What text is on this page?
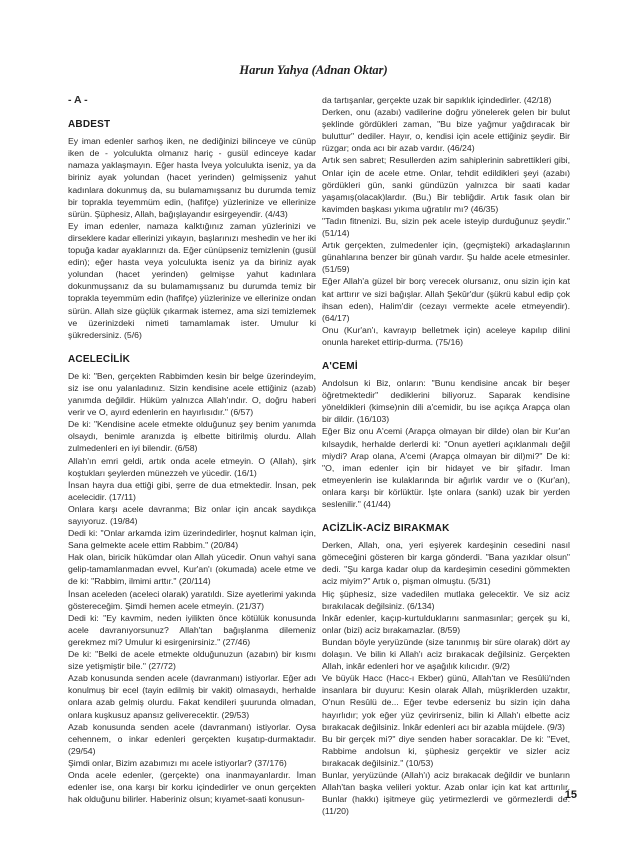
Harun Yahya (Adnan Oktar)
- A -
ABDEST
Ey iman edenler sarhoş iken, ne dediğinizi bilinceye ve cünüp iken de - yolculukta olmanız hariç - gusül edinceye kadar namaza yaklaşmayın. Eğer hasta İveya yolculukta iseniz, ya da biriniz ayak yolundan (hacet yerinden) gelmişseniz yahut kadınlara dokunmuş da, su bulamamışsanız bu durumda temiz bir toprakla teyemmüm edin, (hafifçe) yüzlerinize ve ellerinize sürün. Şüphesiz, Allah, bağışlayandır esirgeyendir. (4/43)
Ey iman edenler, namaza kalktığınız zaman yüzlerinizi ve dirseklere kadar ellerinizi yıkayın, başlarınızı meshedin ve her iki topuğa kadar ayaklarınızı da. Eğer cünüpseniz temizlenin (gusül edin); eğer hasta veya yolculukta iseniz ya da biriniz ayak yolundan (hacet yerinden) gelmişse yahut kadınlara dokunmuşsanız da su bulamamışsanız bu durumda temiz bir toprakla teyemmüm edin (hafifçe) yüzlerinize ve ellerinize ondan sürün. Allah size güçlük çıkarmak istemez, ama sizi temizlemek ve üzerinizdeki nimeti tamamlamak ister. Umulur ki şükredersiniz. (5/6)
ACELECİLİK
De ki: "Ben, gerçekten Rabbimden kesin bir belge üzerindeyim, siz ise onu yalanladınız. Sizin kendisine acele ettiğiniz (azab) yanımda değildir. Hüküm yalnızca Allah'ındır. O, doğru haberi verir ve O, ayırd edenlerin en hayırlısıdır." (6/57)
De ki: "Kendisine acele etmekte olduğunuz şey benim yanımda olsaydı, benimle aranızda iş elbette bitirilmiş olurdu. Allah zulmedenleri en iyi bilendir. (6/58)
Allah'ın emri geldi, artık onda acele etmeyin. O (Allah), şirk koştukları şeylerden münezzeh ve yücedir. (16/1)
İnsan hayra dua ettiği gibi, şerre de dua etmektedir. İnsan, pek acelecidir. (17/11)
Onlara karşı acele davranma; Biz onlar için ancak saydıkça sayıyoruz. (19/84)
Dedi ki: "Onlar arkamda izim üzerindedirler, hoşnut kalman için, Sana gelmekte acele ettim Rabbim." (20/84)
Hak olan, biricik hükümdar olan Allah yücedir. Onun vahyi sana gelip-tamamlanmadan evvel, Kur'an'ı (okumada) acele etme ve de ki: "Rabbim, ilmimi arttır." (20/114)
İnsan aceleden (aceleci olarak) yaratıldı. Size ayetlerimi yakında göstereceğim. Şimdi hemen acele etmeyin. (21/37)
Dedi ki: "Ey kavmim, neden iyilikten önce kötülük konusunda acele davranıyorsunuz? Allah'tan bağışlanma dilemeniz gerekmez mi? Umulur ki esirgenirsiniz." (27/46)
De ki: "Belki de acele etmekte olduğunuzun (azabın) bir kısmı size yetişmiştir bile." (27/72)
Azab konusunda senden acele (davranmanı) istiyorlar. Eğer adı konulmuş bir ecel (tayin edilmiş bir vakit) olmasaydı, herhalde onlara azab gelmiş olurdu. Fakat kendileri şuurunda olmadan, onlara kuşkusuz apansız geliverecektir. (29/53)
Azab konusunda senden acele (davranmanı) istiyorlar. Oysa cehennem, o inkar edenleri gerçekten kuşatıp-durmaktadır. (29/54)
Şimdi onlar, Bizim azabımızı mı acele istiyorlar? (37/176)
Onda acele edenler, (gerçekte) ona inanmayanlardır. İman edenler ise, ona karşı bir korku içindedirler ve onun gerçekten hak olduğunu bilirler. Haberiniz olsun; kıyamet-saati konusun-
da tartışanlar, gerçekte uzak bir sapıklık içindedirler. (42/18)
Derken, onu (azabı) vadilerine doğru yönelerek gelen bir bulut şeklinde gördükleri zaman, "Bu bize yağmur yağdıracak bir buluttur" dediler. Hayır, o, kendisi için acele ettiğiniz şeydir. Bir rüzgar; onda acı bir azab vardır. (46/24)
Artık sen sabret; Resullerden azim sahiplerinin sabrettikleri gibi, Onlar için de acele etme. Onlar, tehdit edildikleri şeyi (azabı) gördükleri gün, sanki gündüzün yalnızca bir saati kadar yaşamış(olacak)lardır. (Bu,) Bir tebliğdir. Artık fasık olan bir kavimden başkası yıkıma uğratılır mı? (46/35)
"Tadın fitnenizi. Bu, sizin pek acele isteyip durduğunuz şeydir." (51/14)
Artık gerçekten, zulmedenler için, (geçmişteki) arkadaşlarının günahlarına benzer bir günah vardır. Şu halde acele etmesinler. (51/59)
Eğer Allah'a güzel bir borç verecek olursanız, onu sizin için kat kat arttırır ve sizi bağışlar. Allah Şekûr'dur (şükrü kabul edip çok ihsan eden), Halim'dir (cezayı vermekte acele etmeyendir). (64/17)
Onu (Kur'an'ı, kavrayıp belletmek için) aceleye kapılıp dilini onunla hareket ettirip-durma. (75/16)
A'CEMİ
Andolsun ki Biz, onların: "Bunu kendisine ancak bir beşer öğretmektedir" dediklerini biliyoruz. Saparak kendisine yöneldikleri (kimse)nin dili a'cemidir, bu ise açıkça Arapça olan bir dildir. (16/103)
Eğer Biz onu A'cemi (Arapça olmayan bir dilde) olan bir Kur'an kılsaydık, herhalde derlerdi ki: "Onun ayetleri açıklanmalı değil miydi? Arap olana, A'cemi (Arapça olmayan bir dil)mi?" De ki: "O, iman edenler için bir hidayet ve bir şifadır. İman etmeyenlerin ise kulaklarında bir ağırlık vardır ve o (Kur'an), onlara karşı bir körlüktür. İşte onlara (sanki) uzak bir yerden seslenilir." (41/44)
ACİZLİK-ACİZ BIRAKMAK
Derken, Allah, ona, yeri eşiyerek kardeşinin cesedini nasıl gömeceğini gösteren bir karga gönderdi. "Bana yazıklar olsun" dedi. "Şu karga kadar olup da kardeşimin cesedini gömmekten aciz miyim?" Artık o, pişman olmuştu. (5/31)
Hiç şüphesiz, size vadedilen mutlaka gelecektir. Ve siz aciz bırakılacak değilsiniz. (6/134)
İnkâr edenler, kaçıp-kurtulduklarını sanmasınlar; gerçek şu ki, onlar (bizi) aciz bırakamazlar. (8/59)
Bundan böyle yeryüzünde (size tanınmış bir süre olarak) dört ay dolaşın. Ve bilin ki Allah'ı aciz bırakacak değilsiniz. Gerçekten Allah, inkâr edenleri hor ve aşağılık kılıcıdır. (9/2)
Ve büyük Hacc (Hacc-ı Ekber) günü, Allah'tan ve Resûlü'nden insanlara bir duyuru: Kesin olarak Allah, müşriklerden uzaktır, O'nun Resûlü de... Eğer tevbe ederseniz bu sizin için daha hayırlıdır; yok eğer yüz çevirirseniz, bilin ki Allah'ı elbette aciz bırakacak değilsiniz. İnkâr edenleri acı bir azabla müjdele. (9/3)
Bu bir gerçek mi?" diye senden haber soracaklar. De ki: "Evet, Rabbime andolsun ki, şüphesiz gerçektir ve sizler aciz bırakacak değilsiniz." (10/53)
Bunlar, yeryüzünde (Allah'ı) aciz bırakacak değildir ve bunların Allah'tan başka velileri yoktur. Azab onlar için kat kat arttırılır. Bunlar (hakkı) işitmeye güç yetirmezlerdi ve görmezlerdi de. (11/20)
15
